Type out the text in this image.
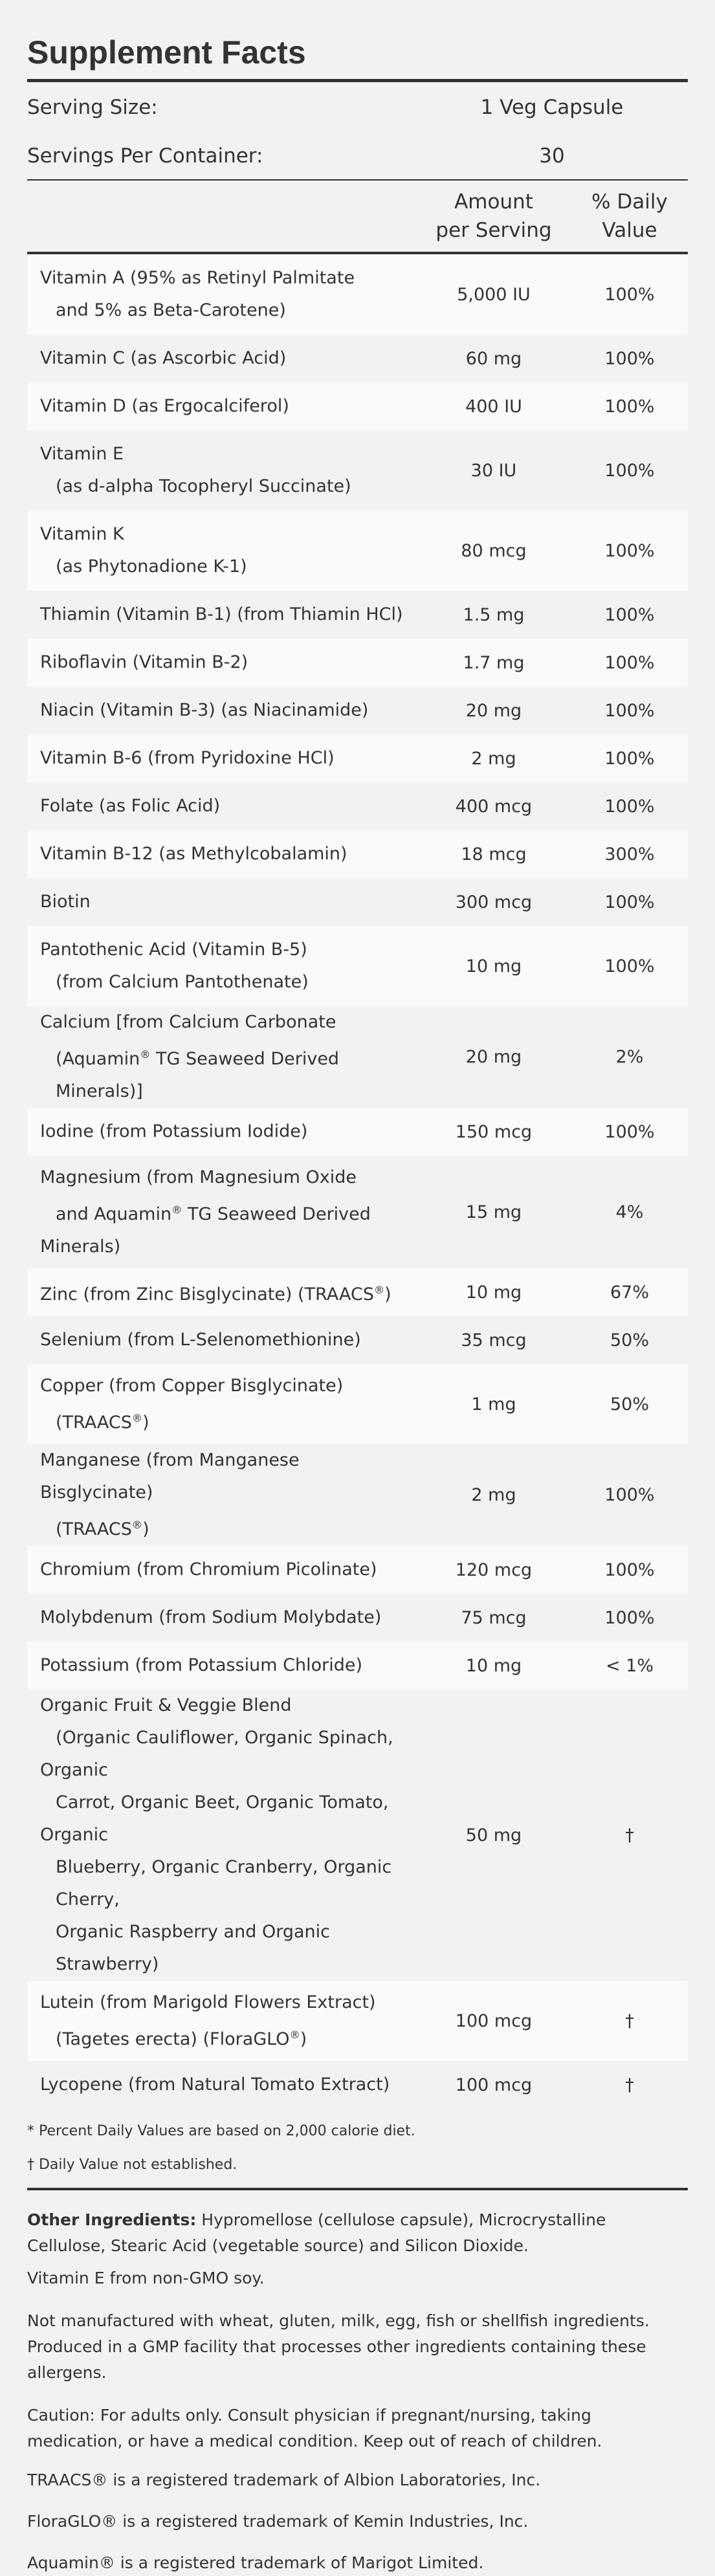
Supplement Facts
Serving Size:	1 Veg Capsule
Servings Per Container:	30
Amount
per Serving
% Daily
Value
Vitamin A (95% as Retinyl Palmitate
and 5% as Beta-Carotene)
5,000 IU	100%
Vitamin C (as Ascorbic Acid)	60 mg	100%
Vitamin D (as Ergocalciferol)	400 IU	100%
Vitamin E
(as d-alpha Tocopheryl Succinate)
30 IU	100%
Vitamin K
(as Phytonadione K-1)
80 mcg	100%
Thiamin (Vitamin B-1) (from Thiamin HCl)	1.5 mg	100%
Riboflavin (Vitamin B-2)	1.7 mg	100%
Niacin (Vitamin B-3) (as Niacinamide)	20 mg	100%
Vitamin B-6 (from Pyridoxine HCl)	2 mg	100%
Folate (as Folic Acid)	400 mcg	100%
Vitamin B-12 (as Methylcobalamin)	18 mcg	300%
Biotin	300 mcg	100%
Pantothenic Acid (Vitamin B-5)
(from Calcium Pantothenate)
10 mg	100%
Calcium [from Calcium Carbonate
(Aquamin® TG Seaweed Derived Minerals)]
20 mg	2%
Iodine (from Potassium Iodide)	150 mcg	100%
Magnesium (from Magnesium Oxide
and Aquamin® TG Seaweed Derived
Minerals)
15 mg	4%
Zinc (from Zinc Bisglycinate) (TRAACS®)	10 mg	67%
Selenium (from L-Selenomethionine)	35 mcg	50%
Copper (from Copper Bisglycinate)
(TRAACS®)
1 mg	50%
Manganese (from Manganese Bisglycinate)
(TRAACS®)
2 mg	100%
Chromium (from Chromium Picolinate)	120 mcg	100%
Molybdenum (from Sodium Molybdate)	75 mcg	100%
Potassium (from Potassium Chloride)	10 mg	< 1%
Organic Fruit & Veggie Blend
(Organic Cauliflower, Organic Spinach,
Organic
Carrot, Organic Beet, Organic Tomato,
Organic
Blueberry, Organic Cranberry, Organic Cherry,
Organic Raspberry and Organic Strawberry)
50 mg	†
Lutein (from Marigold Flowers Extract)
(Tagetes erecta) (FloraGLO®)
100 mcg	†
Lycopene (from Natural Tomato Extract)	100 mcg	†

* Percent Daily Values are based on 2,000 calorie diet.

† Daily Value not established.

Other Ingredients: Hypromellose (cellulose capsule), Microcrystalline Cellulose, Stearic Acid (vegetable source) and Silicon Dioxide.

Vitamin E from non-GMO soy.

Not manufactured with wheat, gluten, milk, egg, fish or shellfish ingredients. Produced in a GMP facility that processes other ingredients containing these allergens.

Caution: For adults only. Consult physician if pregnant/nursing, taking medication, or have a medical condition. Keep out of reach of children.

TRAACS® is a registered trademark of Albion Laboratories, Inc.

FloraGLO® is a registered trademark of Kemin Industries, Inc.

Aquamin® is a registered trademark of Marigot Limited.
